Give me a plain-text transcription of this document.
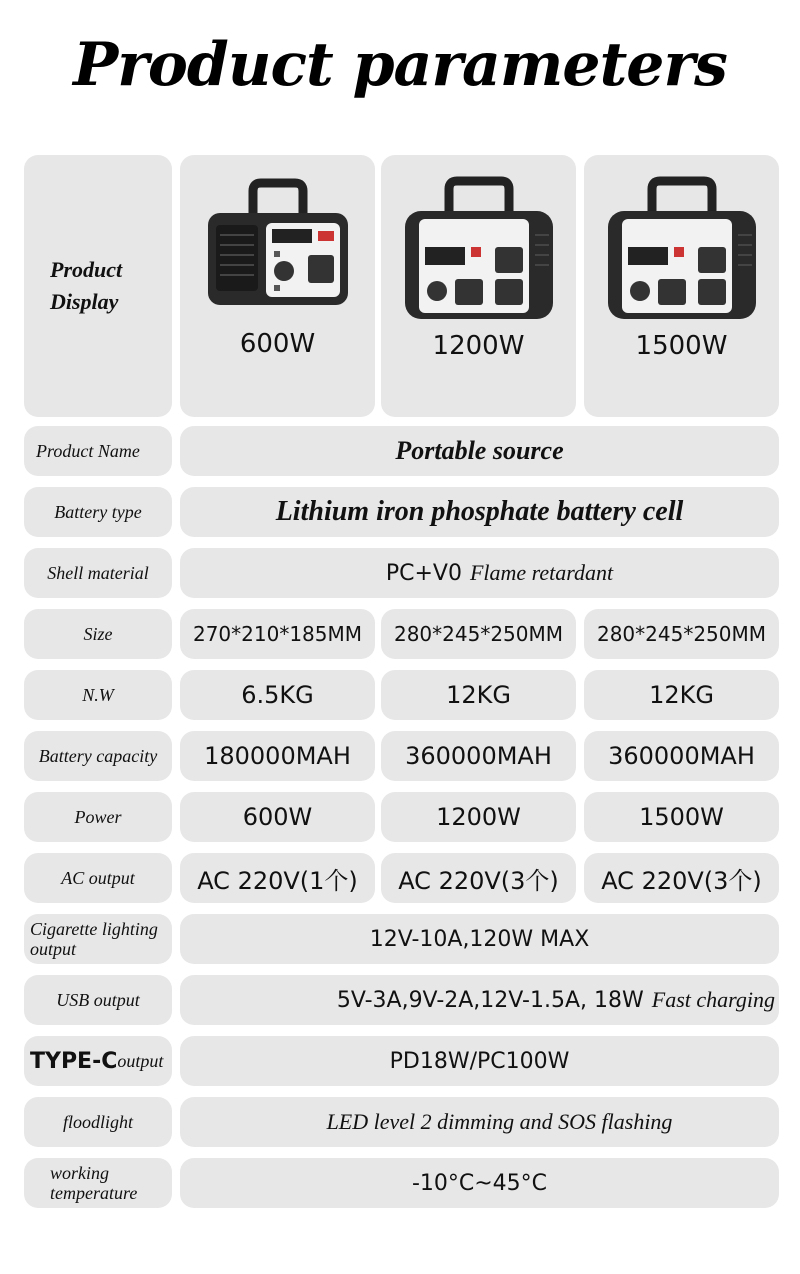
Product parameters
Product
Display
600W	1200W	1500W
Product Name	Portable source
Battery type	Lithium iron phosphate battery cell
Shell material	PC+V0 Flame retardant
Size	270*210*185MM	280*245*250MM	280*245*250MM
N.W	6.5KG	12KG	12KG
Battery capacity	180000MAH	360000MAH	360000MAH
Power	600W	1200W	1500W
AC output	AC 220V(1个)	AC 220V(3个)	AC 220V(3个)
Cigarette lighting
output	12V-10A,120W MAX
USB output	5V-3A,9V-2A,12V-1.5A, 18W Fast charging
TYPE-C output	PD18W/PC100W
floodlight	LED level 2 dimming and SOS flashing
working
temperature	-10°C~45°C
